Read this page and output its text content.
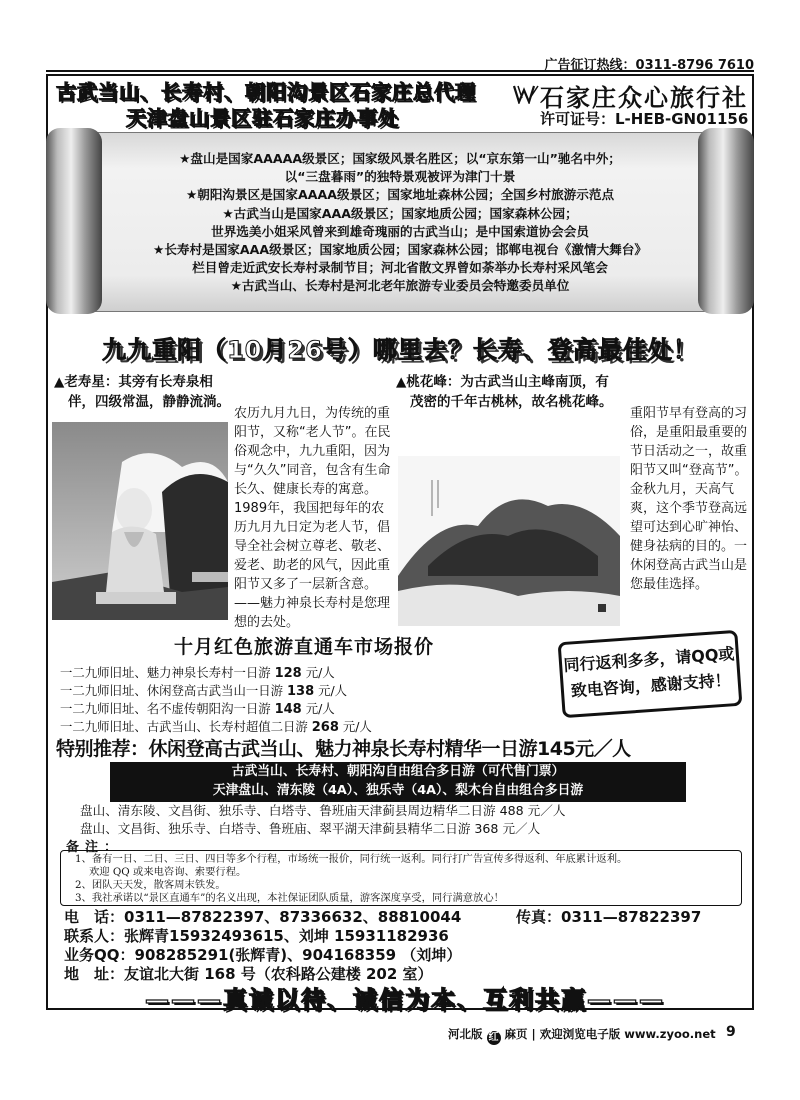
广告征订热线：0311-8796 7610
古武当山、长寿村、朝阳沟景区石家庄总代理
天津盘山景区驻石家庄办事处
石家庄众心旅行社
许可证号：L-HEB-GN01156
★盘山是国家AAAAA级景区；国家级风景名胜区；以“京东第一山”驰名中外；
以“三盘暮雨”的独特景观被评为津门十景
★朝阳沟景区是国家AAAA级景区；国家地址森林公园；全国乡村旅游示范点
★古武当山是国家AAA级景区；国家地质公园；国家森林公园；
世界选美小姐采风曾来到雄奇瑰丽的古武当山；是中国索道协会会员
★长寿村是国家AAA级景区；国家地质公园；国家森林公园；邯郸电视台《激情大舞台》
栏目曾走近武安长寿村录制节目；河北省散文界曾如荼举办长寿村采风笔会
★古武当山、长寿村是河北老年旅游专业委员会特邀委员单位
九九重阳（10月26号）哪里去？长寿、登高最佳处！
▲老寿星：其旁有长寿泉相
伴，四级常温，静静流淌。
▲桃花峰：为古武当山主峰南顶，有
茂密的千年古桃林，故名桃花峰。

农历九月九日，为传统的重阳节，又称“老人节”。在民俗观念中，九九重阳，因为与“久久”同音，包含有生命长久、健康长寿的寓意。1989年，我国把每年的农历九月九日定为老人节，倡导全社会树立尊老、敬老、爱老、助老的风气，因此重阳节又多了一层新含意。——魅力神泉长寿村是您理想的去处。

重阳节早有登高的习俗，是重阳最重要的节日活动之一，故重阳节又叫“登高节”。金秋九月，天高气爽，这个季节登高远望可达到心旷神怡、健身祛病的目的。一休闲登高古武当山是您最佳选择。

十月红色旅游直通车市场报价
一二九师旧址、魅力神泉长寿村一日游 128 元/人
一二九师旧址、休闲登高古武当山一日游 138 元/人
一二九师旧址、名不虚传朝阳沟一日游 148 元/人
一二九师旧址、古武当山、长寿村超值二日游 268 元/人
同行返利多多，请QQ或
致电咨询，感谢支持！
特别推荐：休闲登高古武当山、魅力神泉长寿村精华一日游145元／人
古武当山、长寿村、朝阳沟自由组合多日游（可代售门票）
天津盘山、清东陵（4A）、独乐寺（4A）、梨木台自由组合多日游
盘山、清东陵、文昌街、独乐寺、白塔寺、鲁班庙天津蓟县周边精华二日游 488 元／人
盘山、文昌街、独乐寺、白塔寺、鲁班庙、翠平湖天津蓟县精华二日游 368 元／人
备注：
1、备有一日、二日、三日、四日等多个行程，市场统一报价，同行统一返利。同行打广告宣传多得返利、年底累计返利。
欢迎 QQ 或来电咨询、索要行程。
2、团队天天发，散客周末铁发。
3、我社承诺以“景区直通车”的名义出现，本社保证团队质量，游客深度享受，同行满意放心！
电　话：0311—87822397、87336632、88810044	传真：0311—87822397
联系人：张辉青15932493615、刘坤 15931182936
业务QQ：908285291(张辉青)、904168359 （刘坤）
地　址：友谊北大街 168 号（农科路公建楼 202 室）
———真诚以待、诚信为本、互利共赢———
河北版 红 麻页 | 欢迎浏览电子版 www.zyoo.net 9
